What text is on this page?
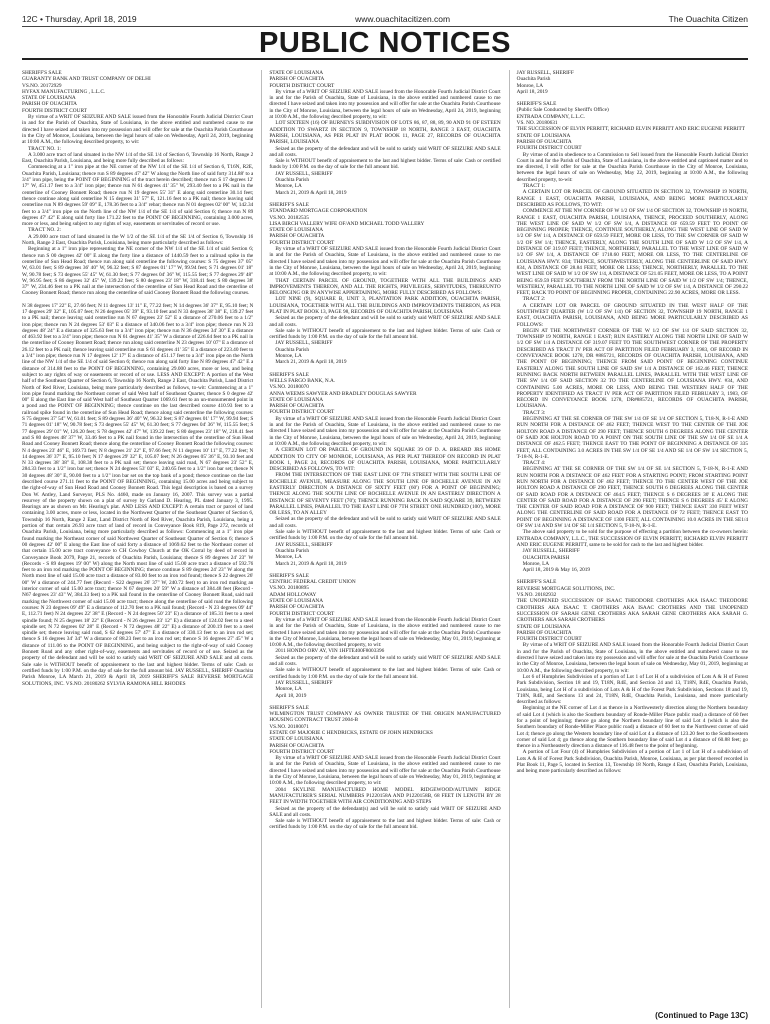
12C • Thursday, April 18, 2019	www.ouachitacitizen.com	The Ouachita Citizen
PUBLIC NOTICES

SHERIFF'S SALE

GUARANTY BANK AND TRUST COMPANY OF DELHI

VS.NO. 20172929

HYFAX MANUFACTURING , L.L.C.

STATE OF LOUISIANA

PARISH OF OUACHITA

FOURTH DISTRICT COURT

By virtue of a WRIT OF SEIZURE AND SALE issued from the Honorable Fourth Judicial District Court in and for the Parish of Ouachita, State of Louisiana, in the above entitled and numbered cause to me directed I have seized and taken into my possession and will offer for sale at the Ouachita Parish Courthouse in the City of Monroe, Louisiana, between the legal hours of sale on Wednesday, April 24, 2019, beginning at 10:00 A.M., the following described property, to wit:

TRACT NO. 1:

A 3.000 acre tract of land situated in the NW 1/4 of the SE 1/4 of Section 6, Township 16 North, Range 2 East, Ouachita Parish, Louisiana, and being more fully described as follows:

Commencing at a 1" iron pipe at the NE corner of the NW 1/4 of the SE 1/4 of Section 6, T16N, R2E, Ouachita Parish, Louisiana; thence run S 89 degrees 47' 42" W along the North line of said forty 314.88' to a 3/4" iron pipe, being the POINT OF BEGINNING of the tract herein described; thence run S 17 degrees 12' 17" W, 451.17 feet to a 3/4" iron pipe; thence run N 61 degrees 41' 35" W, 293.40 feet to a PK nail in the centerline of Cooney Bonnett Road; thence run N 19 degrees 55' 31" E along said centerline 30.14 feet; thence continue along said centerline N 15 degrees 31' 57" E, 121.16 feet to a PK nail; thence leaving said centerline run N 89 degrees 59' 09" E, 178.36 feet to a 3/4" rebar; thence run N 01 degrees 02' 00" W, 142.34 feet to a 3/4" iron pipe on the North line of the NW 1/4 of the SE 1/4 of said Section 6; thence run N 89 degrees 47' 42" E along said forty line 171.22 feet to the POINT OF BEGINNING, containing 3.000 acres, more or less, and being subject to any rights of way, easements or servitudes of record or use.

TRACT NO. 2:

A 29.000 acre tract of land situated in the W 1/2 of the SE 1/4 of the SE 1/4 of Section 6, Township 16 North, Range 2 East, Ouachita Parish, Louisiana, being more particularly described as follows:

Beginning at a 1" iron pipe representing the NE corner of the NW 1/4 of the SE 1/4 of said Section 6; thence run S 00 degrees 42' 00" E along the forty line a distance of 1440.59 feet to a railroad spike in the centerline of Sun Head Road; thence run along said centerline the following courses: S 75 degrees 37' 05" W, 63.01 feet; S 89 degrees 36' 40" W, 96.32 feet; S 87 degrees 01' 17" W, 99.94 feet; S 71 degrees 01' 18" W, 90.78 feet; S 73 degrees 55' 45" W, 61.30 feet; S 77 degrees 04' 36" W, 115.55 feet; S 77 degrees 29' 48" W, 96.95 feet; S 86 degrees 32' 45" W, 139.22 feet; S 80 degrees 23' 18" W, 318.41 feet; S 80 degrees 38' 37" W, 234.46 feet to a PK nail at the intersection of the centerline of Sun Head Road and the centerline of Cooney Bonnett Road; thence run along the centerline of said Cooney Bonnett Road the following courses.

N 38 degrees 17' 22" E, 27.66 feet; N 11 degrees 13' 11" E, 77.22 feet; N 14 degrees 36' 37" E, 95.10 feet; N 17 degrees 29' 32" E, 105.07 feet; N 26 degrees 05' 39" E, 93.10 feet and N 33 degrees 38' 38" E, 139.27 feet to a PK nail; thence leaving said centerline run N 67 degrees 23' 52" E a distance of 270.06 feet to a 1/2" iron pipe; thence run N 24 degrees 53' 03" E a distance of 340.06 feet to a 3/4" iron pipe; thence run N 23 degrees 48' 24" E a distance of 325.63 feet to a 3/4" iron pipe; thence run N 36 degrees 34' 30" E a distance of 463.92 feet to a 3/4" iron pipe; thence run N 61 degrees 41' 35" W a distance of 226.64 feet to a PK nail in the centerline of Cooney Bonnett Road; thence run along said centerline N 23 degrees 10' 07" E a distance of 26.12 feet to a PK nail; thence leaving said centerline run S 61 degrees 41' 35" E a distance of 223.40 feet to a 3/4" iron pipe; thence run N 17 degrees 12' 17" E a distance of 451.17 feet to a 3/4" iron pipe on the North line of the NW 1/4 of the SE 1/4 of said Section 6; thence run along said forty line N 89 degrees 47' 42" E a distance of 314.88 feet to the POINT OF BEGINNING, containing 29.000 acres, more or less, and being subject to any rights of way or easements or record of or use. LESS AND EXCEPT: A portion of the West half of the Southeast Quarter of Section 6, Township 16 North, Range 2 East, Ouachita Parish, Land District North of Red River, Louisiana, being more particularly described as follows, to-wit: Commencing at a 1" iron pipe found marking the Northeast corner of said West half of Southeast Quarter, thence S 0 degree 42' 00" E along the East line of said West half of Southeast Quarter 1069.61 feet to an un-monumented point in a pond and the POINT OF BEGINNING; thence continue on the last described course 410.93 feet to a railroad spike found in the centerline of Sun Head Road; thence along said centerline the following courses: S 75 degrees 37' 54" W, 61.01 feet; S 89 degrees 36' 40" W, 96.32 feet; S 87 degrees 01' 17" W, 99.94 feet; S 71 degrees 01' 18" W, 90.78 feet; S 73 degrees 55' 45" W, 61.30 feet; S 77 degrees 04' 36" W, 115.55 feet; S 77 degrees 29' 01" W, 126.20 feet; S 78 degrees 42' 47" W, 139.22 feet; S 80 degrees 23' 18" W, 218.41 feet and S 80 degrees 48' 37" W, 33.46 feet to a PK nail found in the intersection of the centerline of Sun Head Road and Cooney Bonnett Road; thence along the centerline of Cooney Bonnett Road the following courses: N 4 degrees 23' 46" E, 169.73 feet; N 8 degrees 21' 22" E, 97.66 feet; N 11 degrees 10' 11" E, 77.22 feet; N 14 degrees 36' 37" E, 95.10 feet; N 17 degrees 29' 32" E, 105.07 feet; N 26 degrees 05' 36" E, 93.10 feet and N 33 degrees 38' 38" E, 108.38 feet to a PK nail set; thence leaving said road, N 67 degrees 23' 52" E, 284.33 feet to a 1/2" iron bar set; thence N 24 degrees 53' 03" E, 240.65 feet to a 1/2" iron bar set; thence N 30 degrees 48' 30" E, 90.00 feet to a 1/2" iron bar set on the top bank of a pond; thence continue on the last described course 271.11 feet to the POINT OF BEGINNING, containing 15.00 acres and being subject to the right-of-way of Sun Head Road and Cooney Bonnett Road. This legal description is based on a survey Don W. Antley, Land Surveyor, PLS No. 4460, made on January 16, 2007. This survey was a partial resurvey of the property shown on a plat of survey by Garland D. Hearing, PL dated January 3, 1995. Bearings are as shown on Mr. Hearing's plat. AND LESS AND EXCEPT: A certain tract or parcel of land containing 3.00 acres, more or less, located in the Northwest Quarter of the Southeast Quarter of Section 6, Township 16 North, Range 2 East, Land District North of Red River, Ouachita Parish, Louisiana, being a portion of that certain 26.93 acre tract of land of record in Conveyance Book 819, Page 272, records of Ouachita Parish, Louisiana, being more particularly described as follows: Commencing at a 1" iron pipe found marking the Northeast corner of said Northwest Quarter of Southeast Quarter of Section 6; thence S 00 degrees 42' 00" E along the East line of said forty a distance of 1069.62 feet to the Northeast corner of that certain 15.00 acre tract conveyance to CH Cowboy Church at the OK Corral by deed of record in Conveyance Book 2079, Page 21, records of Ouachita Parish, Louisiana; thence S 89 degrees 24' 23" W (Records - S 89 degrees 19' 00" W) along the North most line of said 15.00 acre tract a distance of 592.76 feet to an iron rod marking the POINT OF BEGINNING; thence continue S 89 degrees 24' 23" W along the North most line of said 15.00 acre tract a distance of 83.00 feet to an iron rod found; thence S 22 degrees 26' 00" W a distance of 244.77 feet (Record - S22 degrees 26' 37" W, 240.72 feet) to an iron rod marking an interior corner of said 15.00 acre tract; thence N 67 degrees 20' 59" W a distance of 384.48 feet (Record - N67 degrees 23' 43" W, 384.33 feet) to a PK nail found in the centerline of Cooney Bonnett Road, said nail marking the Northwest corner of said 15.00 acre tract; thence along the centerline of said road the following courses: N 23 degrees 09' 49" E a distance of 112.70 feet to a PK nail found; (Record - N 23 degrees 09' 44" E, 112.71 feet) N 24 degrees 22' 38" E (Record - N 24 degrees 50' 23" E) a distance of 185.31 feet to a steel spindle found; N 25 degrees 18' 22" E (Record - N 26 degrees 23' 12" E) a distance of 124.02 feet to a steel spindle set; N 72 degrees 02' 28" E (Record - N 72 degrees 48' 22" E) a distance of 200.19 feet to a steel spindle set; thence leaving said road, S 62 degrees 57' 47" E a distance of 330.13 feet to an iron rod set; thence S 16 degrees 34' 34" W a distance of 88.23 feet to an iron rod set; thence S 16 degrees 27' 45" W a distance of 111.06 to the POINT OF BEGINNING, and being subject to the right-of-way of said Cooney Bonnett Road and any other right-of-way, easements and servitudes of record or of use. Seized as the property of the defendant and will be sold to satisfy said WRIT OF SEIZURE AND SALE and all costs. Sale sale is WITHOUT benefit of appraisement to the last and highest bidder. Terms of sale: Cash or certified funds by 1:00 P.M. on the day of sale for the full amount bid. JAY RUSSELL, SHERIFF Ouachita Parish Monroe, LA March 21, 2019 & April 18, 2019 SHERIFF'S SALE REVERSE MORTGAGE SOLUTIONS, INC. VS.NO. 20180262 SYLVIA RAMONA HILL RHODES

STATE OF LOUISIANA

PARISH OF OUACHITA

FOURTH DISTRICT COURT

By virtue of a WRIT OF SEIZURE AND SALE issued from the Honorable Fourth Judicial District Court in and for the Parish of Ouachita, State of Louisiana, in the above entitled and numbered cause to me directed I have seized and taken into my possession and will offer for sale at the Ouachita Parish Courthouse in the City of Monroe, Louisiana, between the legal hours of sale on Wednesday, April 24, 2019, beginning at 10:00 A.M., the following described property, to wit:

LOT SIXTEEN (16) OF BURNEYS SUBDIVISION OF LOTS 86, 87, 88, 89, 90 AND 91 OF ESTEEN ADDITION TO SWARTZ IN SECTION 9, TOWNSHIP 18 NORTH, RANGE 3 EAST, OUACHITA PARISH, LOUISIANA, AS PER PLAT IN PLAT BOOK 11, PAGE 27, RECORDS OF OUACHITA PARISH, LOUISIANA

Seized as the property of the defendant and will be sold to satisfy said WRIT OF SEIZURE AND SALE and all costs.

Sale is WITHOUT benefit of appraisement to the last and highest bidder. Terms of sale: Cash or certified funds by 1:00 P.M. on the day of sale for the full amount bid.

JAY RUSSELL, SHERIFF

Ouachita Parish

Monroe, LA

March 21, 2019 & April 18, 2019

SHERIFF'S SALE

STANDARD MORTGAGE CORPORATION

VS.NO. 20182535

LISA BIRCH VALLERY WIFE OF/AND MICHAEL TODD VALLERY

STATE OF LOUISIANA

PARISH OF OUACHITA

FOURTH DISTRICT COURT

By virtue of a WRIT OF SEIZURE AND SALE issued from the Honorable Fourth Judicial District Court in and for the Parish of Ouachita, State of Louisiana, in the above entitled and numbered cause to me directed I have seized and taken into my possession and will offer for sale at the Ouachita Parish Courthouse in the City of Monroe, Louisiana, between the legal hours of sale on Wednesday, April 24, 2019, beginning at 10:00 A.M., the following described property, to wit:

THAT CERTAIN PARCEL OF GROUND, TOGETHER WITH ALL THE BUILDINGS AND IMPROVEMENTS THEREON, AND ALL THE RIGHTS, PRIVILEGES, SERVITUDES, THEREUNTO BELONGING OR IN ANYWISE APPERTAINING, MORE FULLY DESCRIBED AS FOLLOWS:

LOT NINE (9), SQUARE B, UNIT 3, PLANTATION PARK ADDITION, OUACHITA PARISH, LOUISIANA, TOGETHER WITH ALL THE BUILDINGS AND IMPROVEMENTS THEREON, AS PER PLAT IN PLAT BOOK 13, PAGE 98, RECORDS OF OUACHITA PARISH, LOUISIANA

Seized as the property of the defendant and will be sold to satisfy said WRIT OF SEIZURE AND SALE and all costs.

Sale sale is WITHOUT benefit of appraisement to the last and highest bidder. Terms of sale: Cash or certified funds by 1:00 P.M. on the day of sale for the full amount bid.

JAY RUSSELL, SHERIFF

Ouachita Parish

Monroe, LA

March 21, 2019 & April 18, 2019

SHERIFF'S SALE

WELLS FARGO BANK, N.A.

VS.NO. 20180070

ANNA WEEMS SAWYER AND BRADLEY DOUGLAS SAWYER

STATE OF LOUISIANA

PARISH OF OUACHITA

FOURTH DISTRICT COURT

By virtue of a WRIT OF SEIZURE AND SALE issued from the Honorable Fourth Judicial District Court in and for the Parish of Ouachita, State of Louisiana, in the above entitled and numbered cause to me directed I have seized and taken into my possession and will offer for sale at the Ouachita Parish Courthouse in the City of Monroe, Louisiana, between the legal hours of sale on Wednesday, April 24, 2019, beginning at 10:00 A.M., the following described property, to wit:

A CERTAIN LOT OR PARCEL OF GROUND IN SQUARE 39 OF D. A. BREARD JRS HOME ADDITION TO CITY OF MONROE, LOUISIANA, AS PER PLAT THEREOF ON RECORD IN PLAT BOOK 1, PAGE 24, RECORDS OF OUACHITA PARISH, LOUISIANA, MORE PARTICULARLY DESCRIBED AS FOLLOWS, TO WIT:

FROM THE INTERSECTION OF THE EAST LINE OF 7TH STREET WITH THE SOUTH LINE OF ROCHELLE AVENUE, MEASURE ALONG THE SOUTH LINE OF ROCHELLE AVENUE IN AN EASTERLY DIRECTION A DISTANCE OF SIXTY FEET (60') FOR A POINT OF BEGINNING; THENCE ALONG THE SOUTH LINE OF ROCHELLE AVENUE IN AN EASTERLY DIRECTION A DISTANCE OF SEVENTY FEET (70'); THENCE RUNNING BACK IN SAID SQUARE 39, BETWEEN PARALLEL LINES, PARALLEL TO THE EAST LINE OF 7TH STREET ONE HUNDRED (100'), MORE OR LESS, TO AN ALLEY

Seized as the property of the defendant and will be sold to satisfy said WRIT OF SEIZURE AND SALE and all costs.

Sale sale is WITHOUT benefit of appraisement to the last and highest bidder. Terms of sale: Cash or certified funds by 1:00 P.M. on the day of sale for the full amount bid.

JAY RUSSELL, SHERIFF

Ouachita Parish

Monroe, LA

March 21, 2019 & April 18, 2019

SHERIFF'S SALE

CENTRIC FEDERAL CREDIT UNION

VS.NO. 20180895

ADAM HOLLOWAY

STATE OF LOUISIANA

PARISH OF OUACHITA

FOURTH DISTRICT COURT

By virtue of a WRIT OF SEIZURE AND SALE issued from the Honorable Fourth Judicial District Court in and for the Parish of Ouachita, State of Louisiana, in the above entitled and numbered cause to me directed I have seized and taken into my possession and will offer for sale at the Ouachita Parish Courthouse in the City of Monroe, Louisiana, between the legal hours of sale on Wednesday, May 01, 2019, beginning at 10:00 A.M., the following described property, to wit:

2011 HONDO ORV AY, VIN 1HFTE400F8003396

Seized as the property of the defendant and will be sold to satisfy said WRIT OF SEIZURE AND SALE and all costs.

Sale sale is WITHOUT benefit of appraisement to the last and highest bidder. Terms of sale: Cash or certified funds by 1:00 P.M. on the day of sale for the full amount bid.

JAY RUSSELL, SHERIFF

Monroe, LA

April 18, 2019

SHERIFF'S SALE

WILMINGTON TRUST COMPANY AS OWNER TRUSTEE OF THE ORIGEN MANUFACTURED HOUSING CONTRACT TRUST 2004-B

VS.NO. 20180071

ESTATE OF MAJORIE C HENDRICKS, ESTATE OF JOHN HENDRICKS

STATE OF LOUISIANA

PARISH OF OUACHITA

FOURTH DISTRICT COURT

By virtue of a WRIT OF SEIZURE AND SALE issued from the Honorable Fourth Judicial District Court in and for the Parish of Ouachita, State of Louisiana, in the above entitled and numbered cause to me directed I have seized and taken into my possession and will offer for sale at the Ouachita Parish Courthouse in the City of Monroe, Louisiana, between the legal hours of sale on Wednesday, May 01, 2019, beginning at 10:00 A.M., the following described property, to wit:

2004 SKYLINE MANUFACTURED HOME MODEL RIDGEWOOD/AUTUMN RIDGE MANUFACTURER'S SERIAL NUMBERS P1220158A AND P1220158B, 68 FEET IN LENGTH BY 28 FEET IN WIDTH TOGETHER WITH AIR CONDITIONING AND STEPS

Seized as the property of the defendant(s) and will be sold to satisfy said WRIT OF SEIZURE AND SALE and all costs.

Sale sale is WITHOUT benefit of appraisement to the last and highest bidder. Terms of sale: Cash or certified funds by 1:00 P.M. on the day of sale for the full amount bid.

JAY RUSSELL, SHERIFF

Ouachita Parish

Monroe, LA

April 18, 2019

SHERIFF'S SALE

(Public Sale Conducted by Sheriff's Office)

ENTRADA COMPANY, L.L.C.

VS. NO. 20180631

THE SUCCESSION OF ELVIN PERRITT, RICHARD ELVIN PERRITT AND ERIC EUGENE PERRITT

STATE OF LOUISIANA

PARISH OF OUACHITA

FOURTH DISTRICT COURT

By virtue of and in obedience to a Commission to Sell issued from the Honorable Fourth Judicial District Court in and for the Parish of Ouachita, State of Louisiana, in the above entitled and captioned matter and to me directed, I will offer for sale at the Ouachita Parish Courthouse in the City of Monroe, Louisiana, between the legal hours of sale on Wednesday, May 22, 2019, beginning at 10:00 A.M., the following described property, to-wit:

TRACT 1:

A CERTAIN LOT OR PARCEL OF GROUND SITUATED IN SECTION 32, TOWNSHIP 19 NORTH, RANGE 1 EAST, OUACHITA PARISH, LOUISIANA, AND BEING MORE PARTICULARLY DESCRIBED AS FOLLOWS, TO WIT:

COMMENCE AT THE NW CORNER OF W 1/2 OF SW 1/4 OF SECTION 32, TOWNSHIP 19 NORTH, RANGE 1 EAST, OUACHITA PARISH, LOUISIANA, THENCE, PROCEED SOUTHERLY, ALONG THE WEST LINE OF SAID W 1/2 OF SW 1/4, A DISTANCE OF 659.59 FEET TO POINT OF BEGINNING PROPER; THENCE, CONTINUE SOUTHERLY, ALONG THE WEST LINE OF SAID W 1/2 OF SW 1/4, A DISTANCE OF 659.59 FEET, MORE OR LESS, TO THE SW CORNER OF SAID W 1/2 OF SW 1/4; THENCE, EASTERLY, ALONG THE SOUTH LINE OF SAID W 1/2 OF SW 1/4, A DISTANCE OF 319.07 FEET; THENCE, NORTHERLY, PARALLEL TO THE WEST LINE OF SAID W 1/2 OF SW 1/4, A DISTANCE OF 1718.60 FEET, MORE OR LESS, TO THE CENTERLINE OF LOUISIANA HWY. 834; THENCE, SOUTHWESTERLY, ALONG THE CENTERLINE OF SAID HWY. 834, A DISTANCE OF 28.84 FEET, MORE OR LESS; THENCE, NORTHERLY, PARALLEL TO THE WEST LINE OF SAID W 1/2 OF SW 1/4, A DISTANCE OF 521.05 FEET, MORE OR LESS, TO A POINT BEING 659.59 FEET SOUTHERLY FROM THE NORTH LINE OF SAID W 1/2 OF SW 1/4; THENCE, WESTERLY, PARALLEL TO THE NORTH LINE OF SAID W 1/2 OF SW 1/4, A DISTANCE OF 290.22 FEET, BACK TO POINT OF BEGINNING PROPER, CONTAINING 22.90 ACRES, MORE OR LESS.

TRACT 2:

A CERTAIN LOT OR PARCEL OF GROUND SITUATED IN THE WEST HALF OF THE SOUTHWEST QUARTER (W 1/2 OF SW 1/4) OF SECTION 32, TOWNSHIP 19 NORTH, RANGE 1 EAST, OUACHITA PARISH, LOUISIANA, AND BEING MORE PARTICULARLY DESCRIBED AS FOLLOWS:

BEGIN AT THE NORTHWEST CORNER OF THE W 1/2 OF SW 1/4 OF SAID SECTION 32, TOWNSHIP 19 NORTH, RANGE 1 EAST; RUN EASTERLY ALONG THE NORTH LINE OF SAID W 1/2 OF SW 1/4 A DISTANCE OF 319.07 FEET TO THE SOUTHWEST CORNER OF THE PROPERTY DESCRIBED AS TRACT IV PER ACT OF PARTITION FILED FEBRUARY 3, 1983, OF RECORD IN CONVEYANCE BOOK 1278, DR #885721, RECORDS OF OUACHITA PARISH, LOUISIANA, AND THE POINT OF BEGINNING; THENCE FROM SAID POINT OF BEGINNING CONTINUE EASTERLY ALONG THE SOUTH LINE OF SAID SW 1/4 A DISTANCE OF 162.46 FEET, THENCE RUNNING BACK NORTH BETWEEN PARALLEL LINES, PARALLEL WITH THE WEST LINE OF THE SW 1/4 OF SAID SECTION 32 TO THE CENTERLINE OF LOUISIANA HWY. #34, AND CONTAINING 5.00 ACRES, MORE OR LESS, AND BEING THE WESTERN HALF OF THE PROPERTY IDENTIFIED AS TRACT IV PER ACT OF PARTITION FILED FEBRUARY 3, 1983, OF RECORD IN CONVEYANCE BOOK 1278, DR#885721, RECORDS OF OUACHITA PARISH, LOUISIANA.

TRACT 3:

BEGINNING AT THE SE CORNER OF THE SW 1/4 OF SE 1/4 OF SECTION 5, T18-N, R-1-E AND RUN NORTH FOR A DISTANCE OF 462 FEET; THENCE WEST TO THE CENTER OF THE JOE HOLTON ROAD A DISTANCE OF 290 FEET; THENCE SOUTH 6 DEGREES ALONG THE CENTER OF SAID JOE HOLTON ROAD TO A POINT ON THE SOUTH LINE OF THE SW 1/4 OF SE 1/4 A DISTANCE OF 462.5 FEET; THENCE EAST TO THE POINT OF BEGINNING A DISTANCE OF 335 FEET, ALL CONTAINING 3.0 ACRES IN THE SW 1/4 OF SE 1/4 AND SE 1/4 OF SW 1/4 SECTION 5, T-18-N, R-1-E.

TRACT 4:

BEGINNING AT THE SE CORNER OF THE SW 1/4 OF SE 1/4 SECTION 5, T-18-N, R-1-E AND RUN NORTH FOR A DISTANCE OF 462 FEET FOR A STARTING POINT; FROM STARTING POINT RUN NORTH FOR A DISTANCE OF 462 FEET; THENCE TO THE CENTER WEST OF THE JOE HOLTON ROAD A DISTANCE OF 290 FEET, THENCE SOUTH 6 DEGREES ALONG THE CENTER OF SAID ROAD FOR A DISTANCE OF 464.5 FEET; THENCE S 6 DEGREES 30' E ALONG THE CENTER OF SAID ROAD FOR A DISTANCE OF 290 FEET; THENCE S 6 DEGREES 45' E ALONG THE CENTER OF SAID ROAD FOR A DISTANCE OF 900 FEET; THENCE EAST 330 FEET WEST ALONG THE CENTERLINE OF SAID ROAD FOR A DISTANCE OF 72 FEET; THENCE EAST TO POINT OF BEGINNING A DISTANCE OF 1300 FEET, ALL CONTAINING 10.0 ACRES IN THE SE1/4 OF SW 1/4 AND SW 1/4 OF SE 1/4 SECTION 5, T-18-N, R-1-E.

The above said property to be sold for the purpose of effecting a partition between the co-owners herein: ENTRADA COMPANY, L.L.C., THE SUCCESSION OF ELVIN PERRITT, RICHARD ELVIN PERRITT AND ERIC EUGENE PERRITT, same to be sold for cash to the last and highest bidder.

JAY RUSSELL, SHERIFF

OUACHITA PARISH

Monroe, LA

April 18, 2019 & May 16, 2019

SHERIFF'S SALE

REVERSE MORTGAGE SOLUTIONS, INC.

VS.NO. 20182932

THE UNOPENED SUCCESSION OF ISAAC THEODORE CROTHERS AKA ISAAC THEODORE CROTHERS AKA ISAAC T. CROTHERS AKA ISAAC CROTHERS AND THE UNOPENED SUCCESSION OF SARAH GENE CROTHERS AKA SARAH GENE CROTHERS AKA SARAH G. CROTHERS AKA SARAH CROTHERS

STATE OF LOUISIANA

PARISH OF OUACHITA

FOURTH DISTRICT COURT

By virtue of a WRIT OF SEIZURE AND SALE issued from the Honorable Fourth Judicial District Court in and for the Parish of Ouachita, State of Louisiana, in the above entitled and numbered cause to me directed I have seized and taken into my possession and will offer for sale at the Ouachita Parish Courthouse in the City of Monroe, Louisiana, between the legal hours of sale on Wednesday, May 01, 2019, beginning at 10:00 A.M., the following described property, to wit:

Lot 6 of Humphries Subdivision of a portion of Lot 1 of Lot H of a subdivision of Lots A & H of Forest Park Subdivision, Section 18 and 19, T18N, R4E, and Section 24 and 13, T18N, R4E, Ouachita Parish, Louisiana, being Lot H of a subdivision of Lots A & H of the Forest Park Subdivision, Sections 18 and 19, T18N, R4E, and Sections 13 and 24, T18N, R4E, Ouachita Parish, Louisiana, and more particularly described as follows:

Beginning at the NE corner of Lot 4 as thence in a Northwesterly direction along the Northern boundary of said Lot 4 (which is also the Southern boundary of Ronde-Miller Place public road) a distance of 60 feet for a point of beginning; thence go along the Northern boundary line of said Lot 4 (which is also the Southern boundary of Ronde-Miller Place public road) a distance of 60 feet to the Northwest corner of said Lot 4; thence go along the Western boundary line of said Lot 4 a distance of 123.20 feet to the Southwestern corner of said Lot 4; go thence along the Southern boundary line of said Lot 4 a distance of 60.88 feet; go thence in a Northeasterly direction a distance of 116.48 feet to the point of beginning.

A portion of Lot Four (4) of Humphries Subdivision of a portion of Lot 1 of Lot H of a subdivision of Lots A & H of Forest Park Subdivision, Ouachita Parish, Monroe, Louisiana, as per plat thereof recorded in Plat Book 11, Page 5, located in Section 13, Township 18 North, Range 4 East, Ouachita Parish, Louisiana, and being more particularly described as follows:

(Continued to Page 13C)
